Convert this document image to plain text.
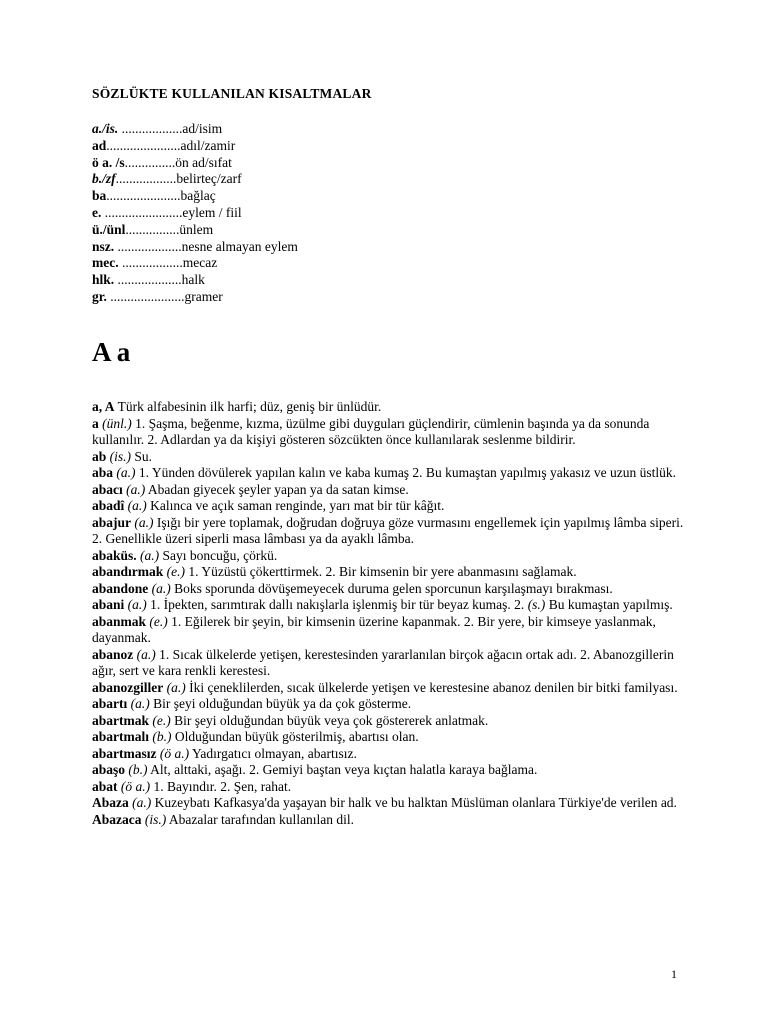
SÖZLÜKTE KULLANILAN KISALTMALAR
a./is. ..................ad/isim
ad......................adıl/zamir
ö a. /s...............ön ad/sıfat
b./zf..................belirteç/zarf
ba......................bağlaç
e. .......................eylem / fiil
ü./ünl................ünlem
nsz. ...................nesne almayan eylem
mec. ..................mecaz
hlk. ...................halk
gr. ......................gramer
A a

a, A Türk alfabesinin ilk harfi; düz, geniş bir ünlüdür.

a (ünl.) 1. Şaşma, beğenme, kızma, üzülme gibi duyguları güçlendirir, cümlenin başında ya da sonunda kullanılır. 2. Adlardan ya da kişiyi gösteren sözcükten önce kullanılarak seslenme bildirir.

ab (is.) Su.

aba (a.) 1. Yünden dövülerek yapılan kalın ve kaba kumaş 2. Bu kumaştan yapılmış yakasız ve uzun üstlük.

abacı (a.) Abadan giyecek şeyler yapan ya da satan kimse.

abadî (a.) Kalınca ve açık saman renginde, yarı mat bir tür kâğıt.

abajur (a.) Işığı bir yere toplamak, doğrudan doğruya göze vurmasını engellemek için yapılmış lâmba siperi. 2. Genellikle üzeri siperli masa lâmbası ya da ayaklı lâmba.

abaküs. (a.) Sayı boncuğu, çörkü.

abandırmak (e.) 1. Yüzüstü çökerttirmek. 2. Bir kimsenin bir yere abanmasını sağlamak.

abandone (a.) Boks sporunda dövüşemeyecek duruma gelen sporcunun karşılaşmayı bırakması.

abani (a.) 1. İpekten, sarımtırak dallı nakışlarla işlenmiş bir tür beyaz kumaş. 2. (s.) Bu kumaştan yapılmış.

abanmak (e.) 1. Eğilerek bir şeyin, bir kimsenin üzerine kapanmak. 2. Bir yere, bir kimseye yaslanmak, dayanmak.

abanoz (a.) 1. Sıcak ülkelerde yetişen, kerestesinden yararlanılan birçok ağacın ortak adı. 2. Abanozgillerin ağır, sert ve kara renkli kerestesi.

abanozgiller (a.) İki çeneklilerden, sıcak ülkelerde yetişen ve kerestesine abanoz denilen bir bitki familyası.

abartı (a.) Bir şeyi olduğundan büyük ya da çok gösterme.

abartmak (e.) Bir şeyi olduğundan büyük veya çok göstererek anlatmak.

abartmalı (b.) Olduğundan büyük gösterilmiş, abartısı olan.

abartmasız (ö a.) Yadırgatıcı olmayan, abartısız.

abaşo (b.) Alt, alttaki, aşağı. 2. Gemiyi baştan veya kıçtan halatla karaya bağlama.

abat (ö a.) 1. Bayındır. 2. Şen, rahat.

Abaza (a.) Kuzeybatı Kafkasya'da yaşayan bir halk ve bu halktan Müslüman olanlara Türkiye'de verilen ad.

Abazaca (is.) Abazalar tarafından kullanılan dil.

1
